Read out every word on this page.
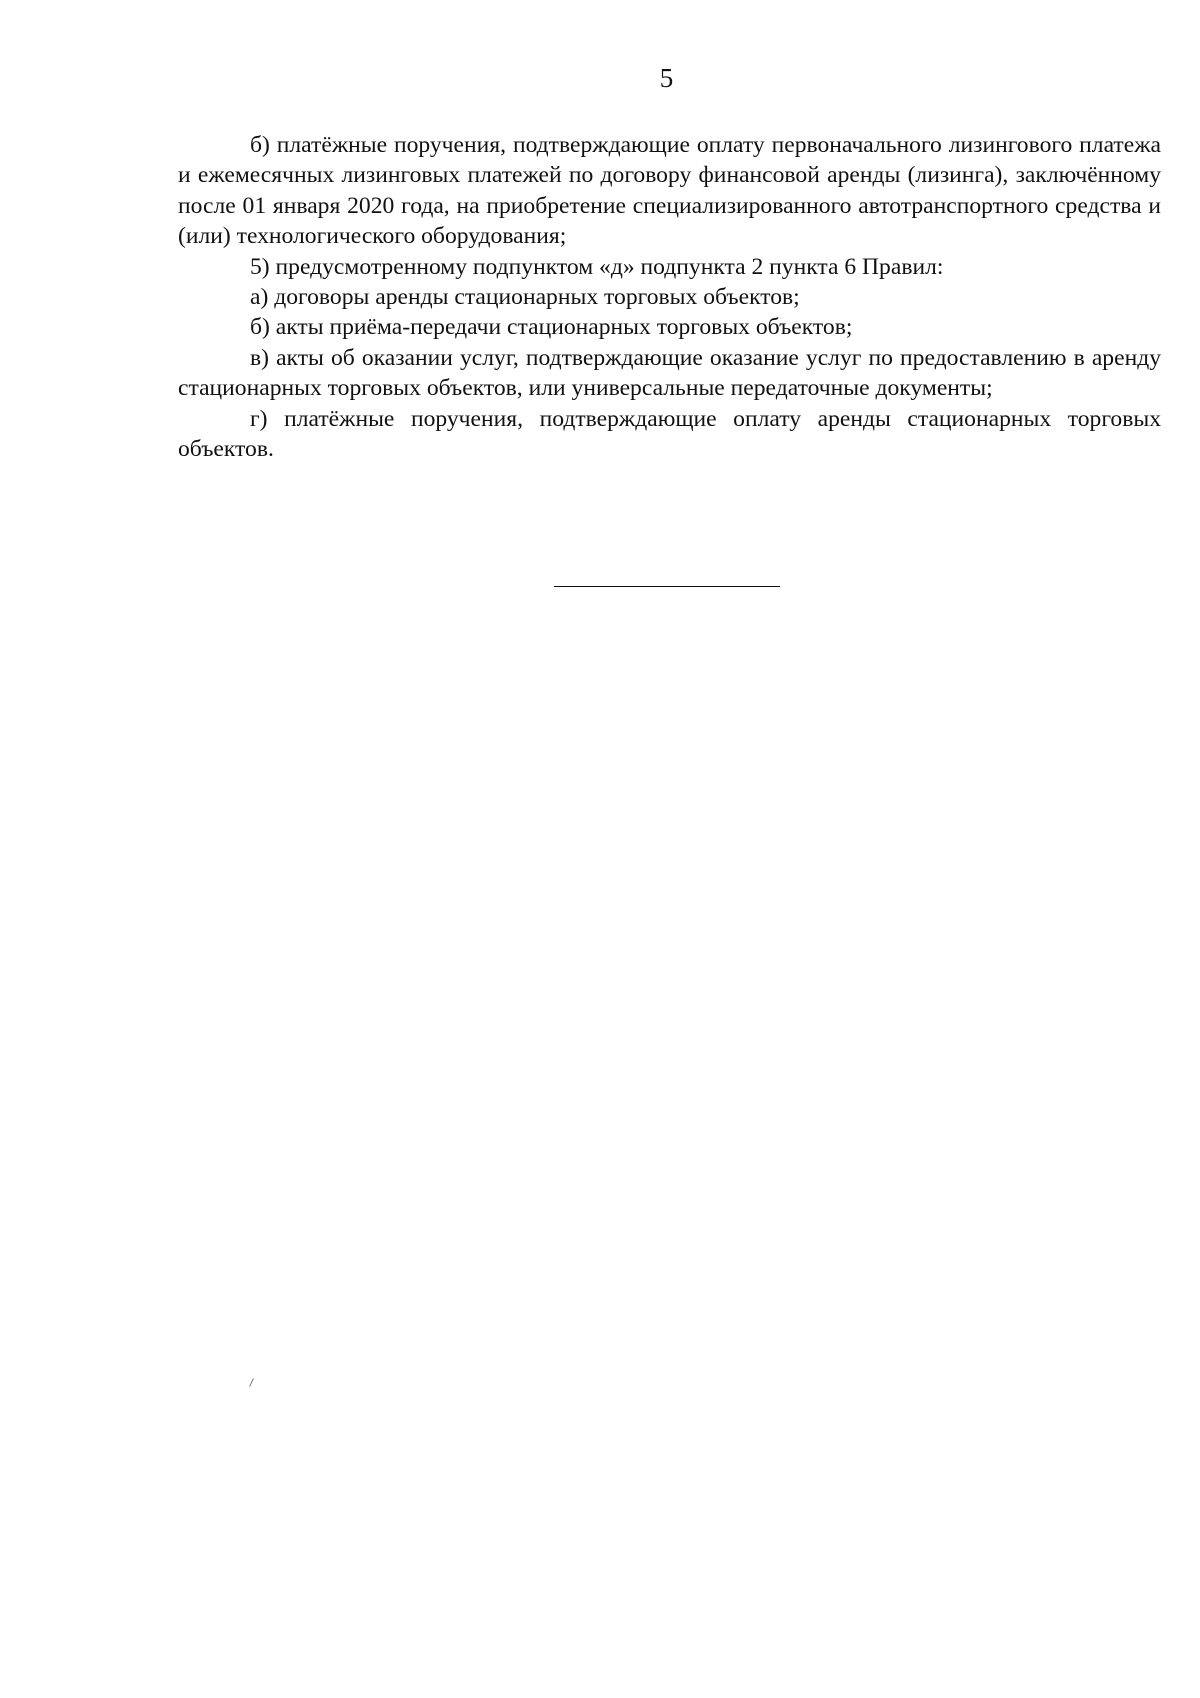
5

б) платёжные поручения, подтверждающие оплату первоначального лизингового платежа и ежемесячных лизинговых платежей по договору финансовой аренды (лизинга), заключённому после 01 января 2020 года, на приобретение специализированного автотранспортного средства и (или) технологического оборудования;

5) предусмотренному подпунктом «д» подпункта 2 пункта 6 Правил:

а) договоры аренды стационарных торговых объектов;

б) акты приёма-передачи стационарных торговых объектов;

в) акты об оказании услуг, подтверждающие оказание услуг по предоставлению в аренду стационарных торговых объектов, или универсальные передаточные документы;

г) платёжные поручения, подтверждающие оплату аренды стационарных торговых объектов.
